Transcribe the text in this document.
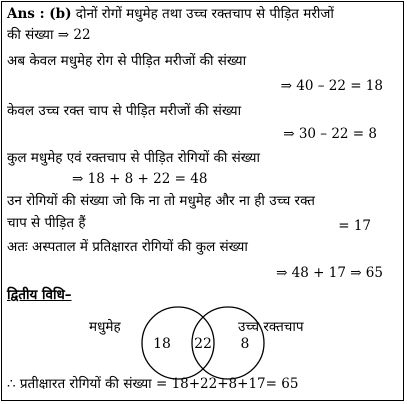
Ans : (b) दोनों रोगों मधुमेह तथा उच्च रक्तचाप से पीड़ित मरीजों
की संख्या ⇒ 22
अब केवल मधुमेह रोग से पीड़ित मरीजों की संख्या
⇒ 40 – 22 = 18
केवल उच्च रक्त चाप से पीड़ित मरीजों की संख्या
⇒ 30 – 22 = 8
कुल मधुमेह एवं रक्तचाप से पीड़ित रोगियों की संख्या
⇒ 18 + 8 + 22 = 48
उन रोगियों की संख्या जो कि ना तो मधुमेह और ना ही उच्च रक्त
चाप से पीड़ित हैं	= 17
अतः अस्पताल में प्रतिक्षारत रोगियों की कुल संख्या
⇒ 48 + 17 ⇒ 65
द्वितीय विधि–
मधुमेह	उच्च रक्तचाप
18 22 8
∴ प्रतीक्षारत रोगियों की संख्या = 18+22+8+17= 65
